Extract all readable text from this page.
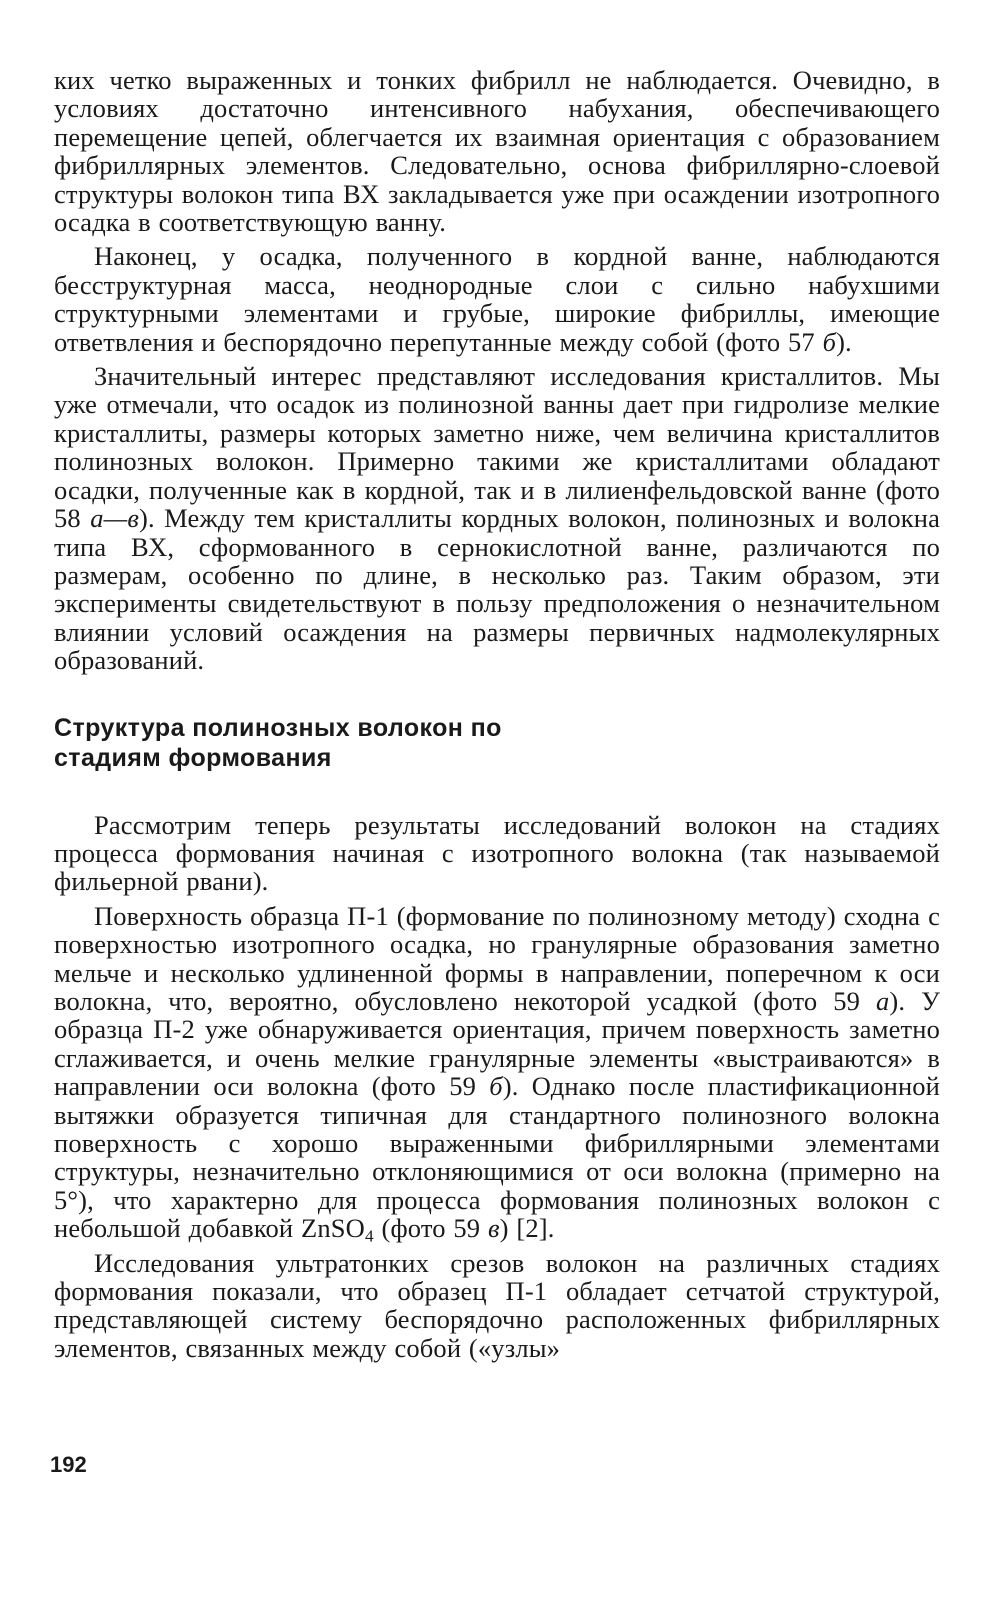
ких четко выраженных и тонких фибрилл не наблюдается. Очевидно, в условиях достаточно интенсивного набухания, обеспечивающего перемещение цепей, облегчается их взаимная ориентация с образованием фибриллярных элементов. Следовательно, основа фибриллярно-слоевой структуры волокон типа ВХ закладывается уже при осаждении изотропного осадка в соответствующую ванну.

Наконец, у осадка, полученного в кордной ванне, наблюдаются бесструктурная масса, неоднородные слои с сильно набухшими структурными элементами и грубые, широкие фибриллы, имеющие ответвления и беспорядочно перепутанные между собой (фото 57 б).

Значительный интерес представляют исследования кристаллитов. Мы уже отмечали, что осадок из полинозной ванны дает при гидролизе мелкие кристаллиты, размеры которых заметно ниже, чем величина кристаллитов полинозных волокон. Примерно такими же кристаллитами обладают осадки, полученные как в кордной, так и в лилиенфельдовской ванне (фото 58 а—в). Между тем кристаллиты кордных волокон, полинозных и волокна типа ВХ, сформованного в сернокислотной ванне, различаются по размерам, особенно по длине, в несколько раз. Таким образом, эти эксперименты свидетельствуют в пользу предположения о незначительном влиянии условий осаждения на размеры первичных надмолекулярных образований.

Структура полинозных волокон по стадиям формования

Рассмотрим теперь результаты исследований волокон на стадиях процесса формования начиная с изотропного волокна (так называемой фильерной рвани).

Поверхность образца П-1 (формование по полинозному методу) сходна с поверхностью изотропного осадка, но гранулярные образования заметно мельче и несколько удлиненной формы в направлении, поперечном к оси волокна, что, вероятно, обусловлено некоторой усадкой (фото 59 а). У образца П-2 уже обнаруживается ориентация, причем поверхность заметно сглаживается, и очень мелкие гранулярные элементы «выстраиваются» в направлении оси волокна (фото 59 б). Однако после пластификационной вытяжки образуется типичная для стандартного полинозного волокна поверхность с хорошо выраженными фибриллярными элементами структуры, незначительно отклоняющимися от оси волокна (примерно на 5°), что характерно для процесса формования полинозных волокон с небольшой добавкой ZnSO$_4$ (фото 59 в) [2].

Исследования ультратонких срезов волокон на различных стадиях формования показали, что образец П-1 обладает сетчатой структурой, представляющей систему беспорядочно расположенных фибриллярных элементов, связанных между собой («узлы»

192
